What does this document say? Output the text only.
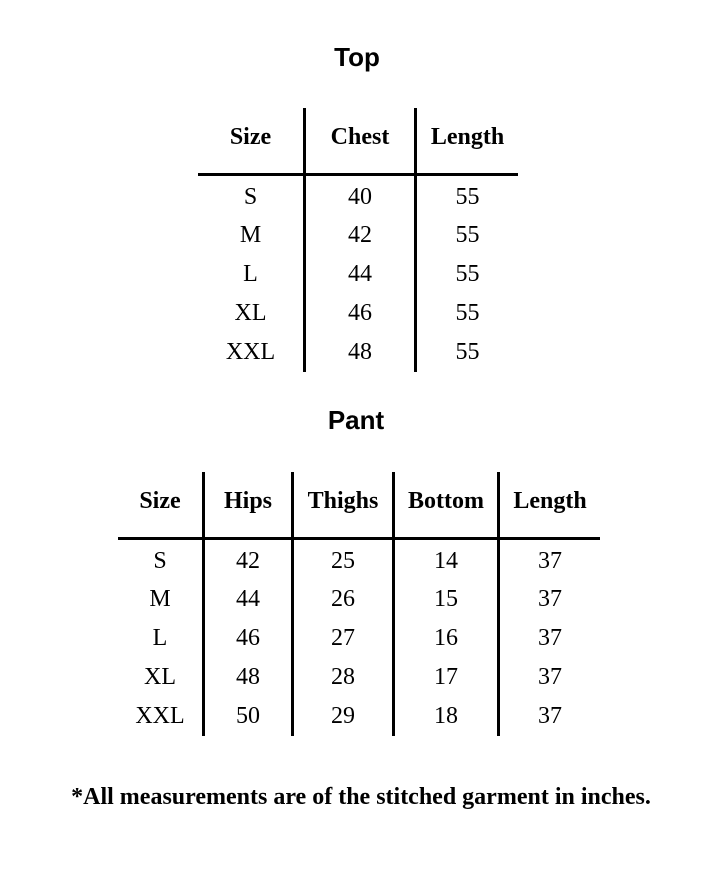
Top
Size	Chest	Length
S	40	55
M	42	55
L	44	55
XL	46	55
XXL	48	55
Pant
Size	Hips	Thighs	Bottom	Length
S	42	25	14	37
M	44	26	15	37
L	46	27	16	37
XL	48	28	17	37
XXL	50	29	18	37

*All measurements are of the stitched garment in inches.
